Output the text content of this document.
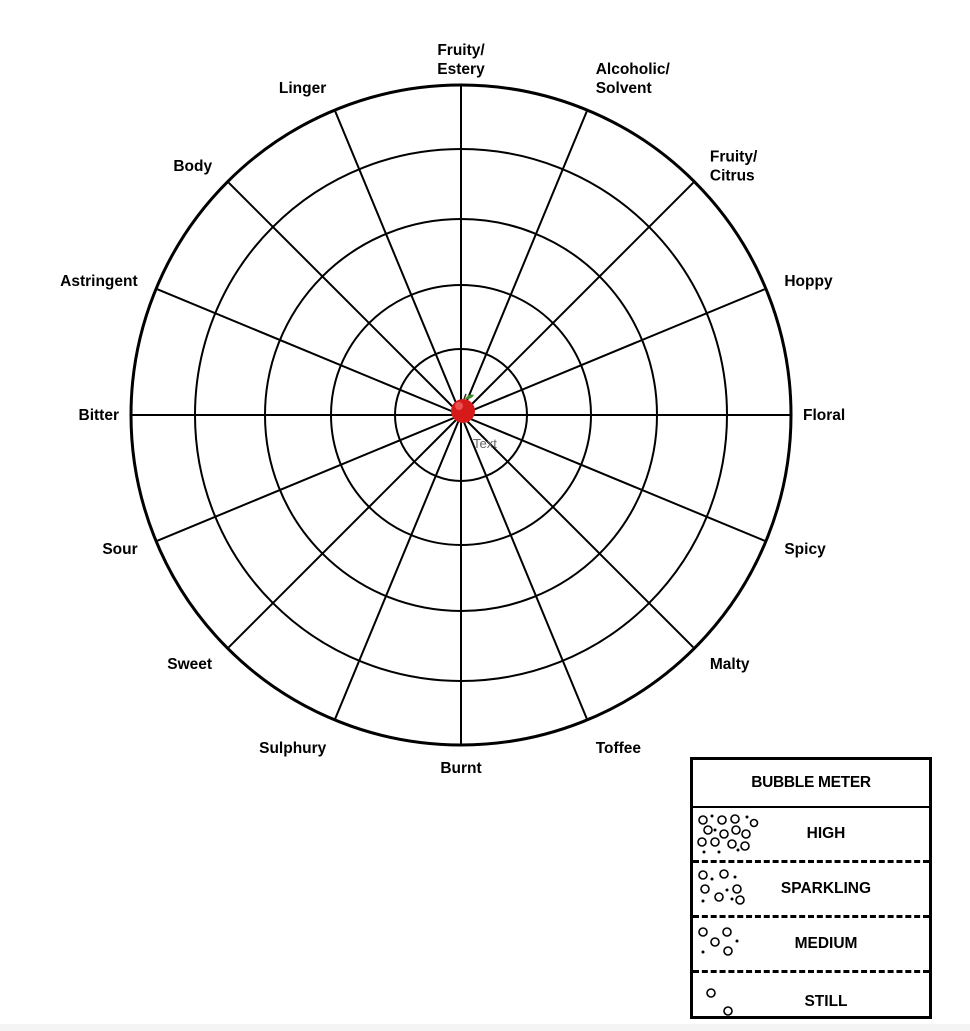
Fruity/ Estery	Alcoholic/ Solvent
Fruity/ Citrus
Hoppy
Floral
Spicy
Malty
Toffee
Burnt
Sulphury
Sweet
Sour
Bitter
Astringent
Body
Linger
Text
BUBBLE METER
HIGH
SPARKLING
MEDIUM
STILL
